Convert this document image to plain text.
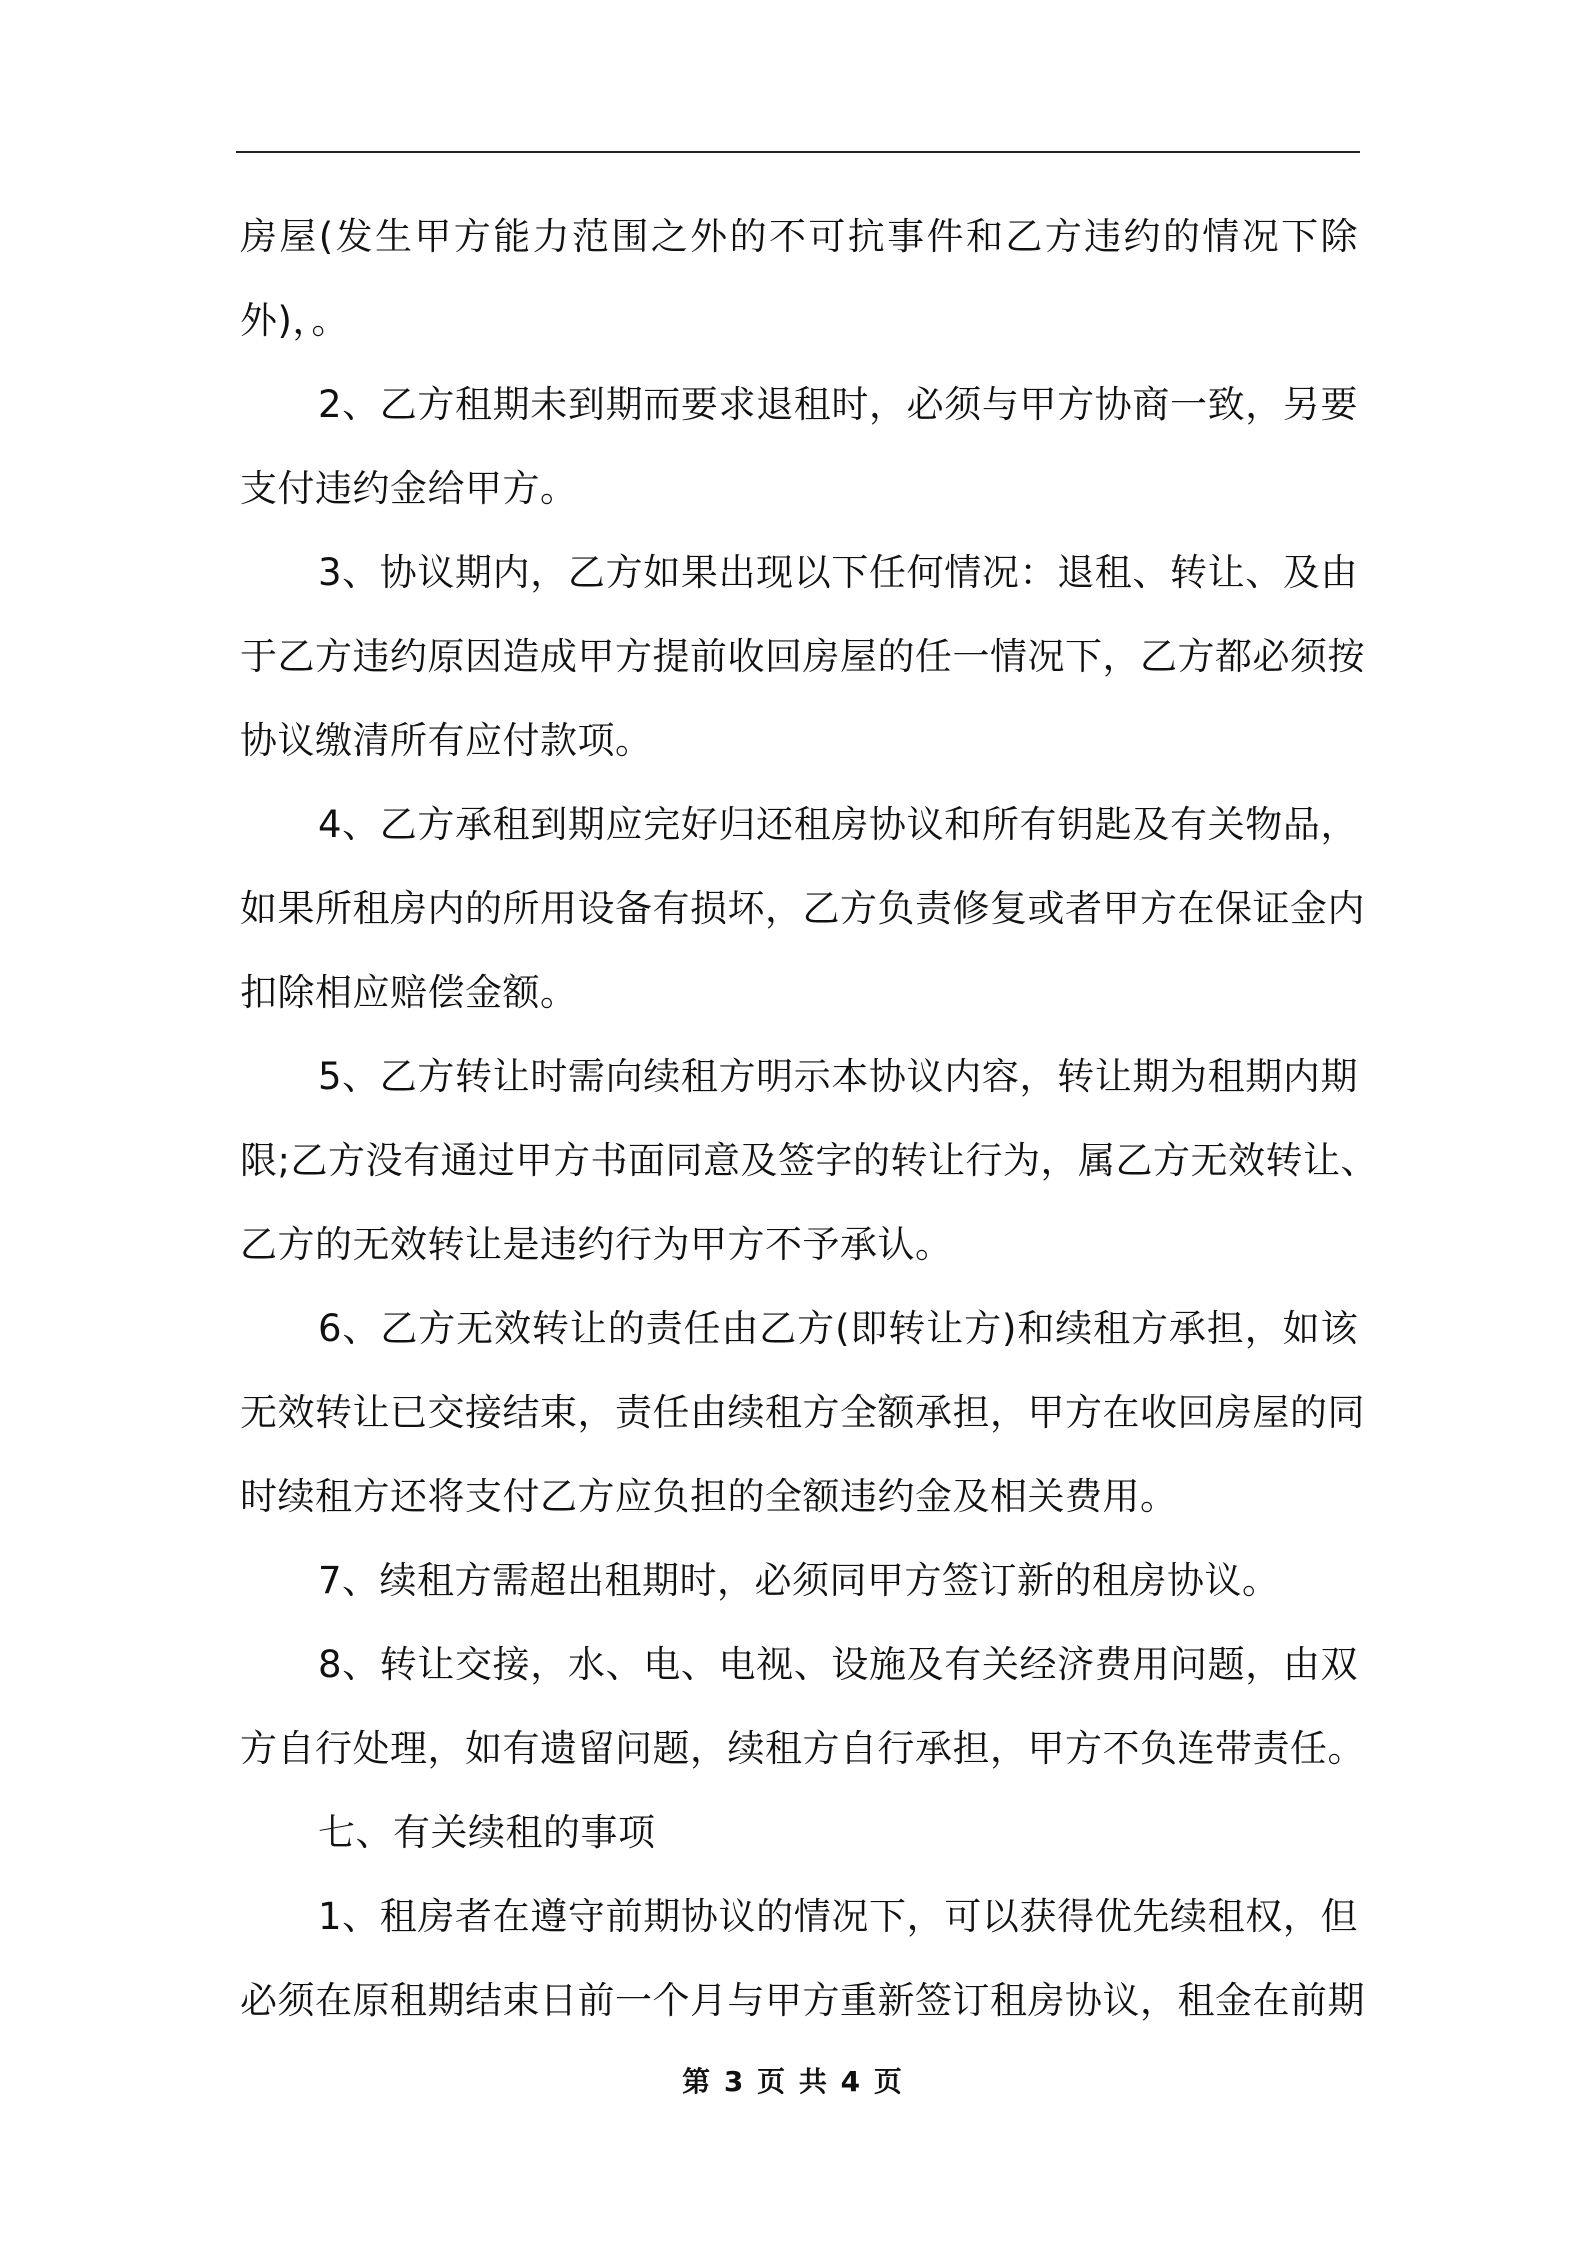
房屋(发生甲方能力范围之外的不可抗事件和乙方违约的情况下除
外)，。
2、乙方租期未到期而要求退租时，必须与甲方协商一致，另要
支付违约金给甲方。
3、协议期内，乙方如果出现以下任何情况：退租、转让、及由
于乙方违约原因造成甲方提前收回房屋的任一情况下，乙方都必须按
协议缴清所有应付款项。
4、乙方承租到期应完好归还租房协议和所有钥匙及有关物品，
如果所租房内的所用设备有损坏，乙方负责修复或者甲方在保证金内
扣除相应赔偿金额。
5、乙方转让时需向续租方明示本协议内容，转让期为租期内期
限;乙方没有通过甲方书面同意及签字的转让行为，属乙方无效转让、
乙方的无效转让是违约行为甲方不予承认。
6、乙方无效转让的责任由乙方(即转让方)和续租方承担，如该
无效转让已交接结束，责任由续租方全额承担，甲方在收回房屋的同
时续租方还将支付乙方应负担的全额违约金及相关费用。
7、续租方需超出租期时，必须同甲方签订新的租房协议。
8、转让交接，水、电、电视、设施及有关经济费用问题，由双
方自行处理，如有遗留问题，续租方自行承担，甲方不负连带责任。
七、有关续租的事项
1、租房者在遵守前期协议的情况下，可以获得优先续租权，但
必须在原租期结束日前一个月与甲方重新签订租房协议，租金在前期
第 3 页 共 4 页
